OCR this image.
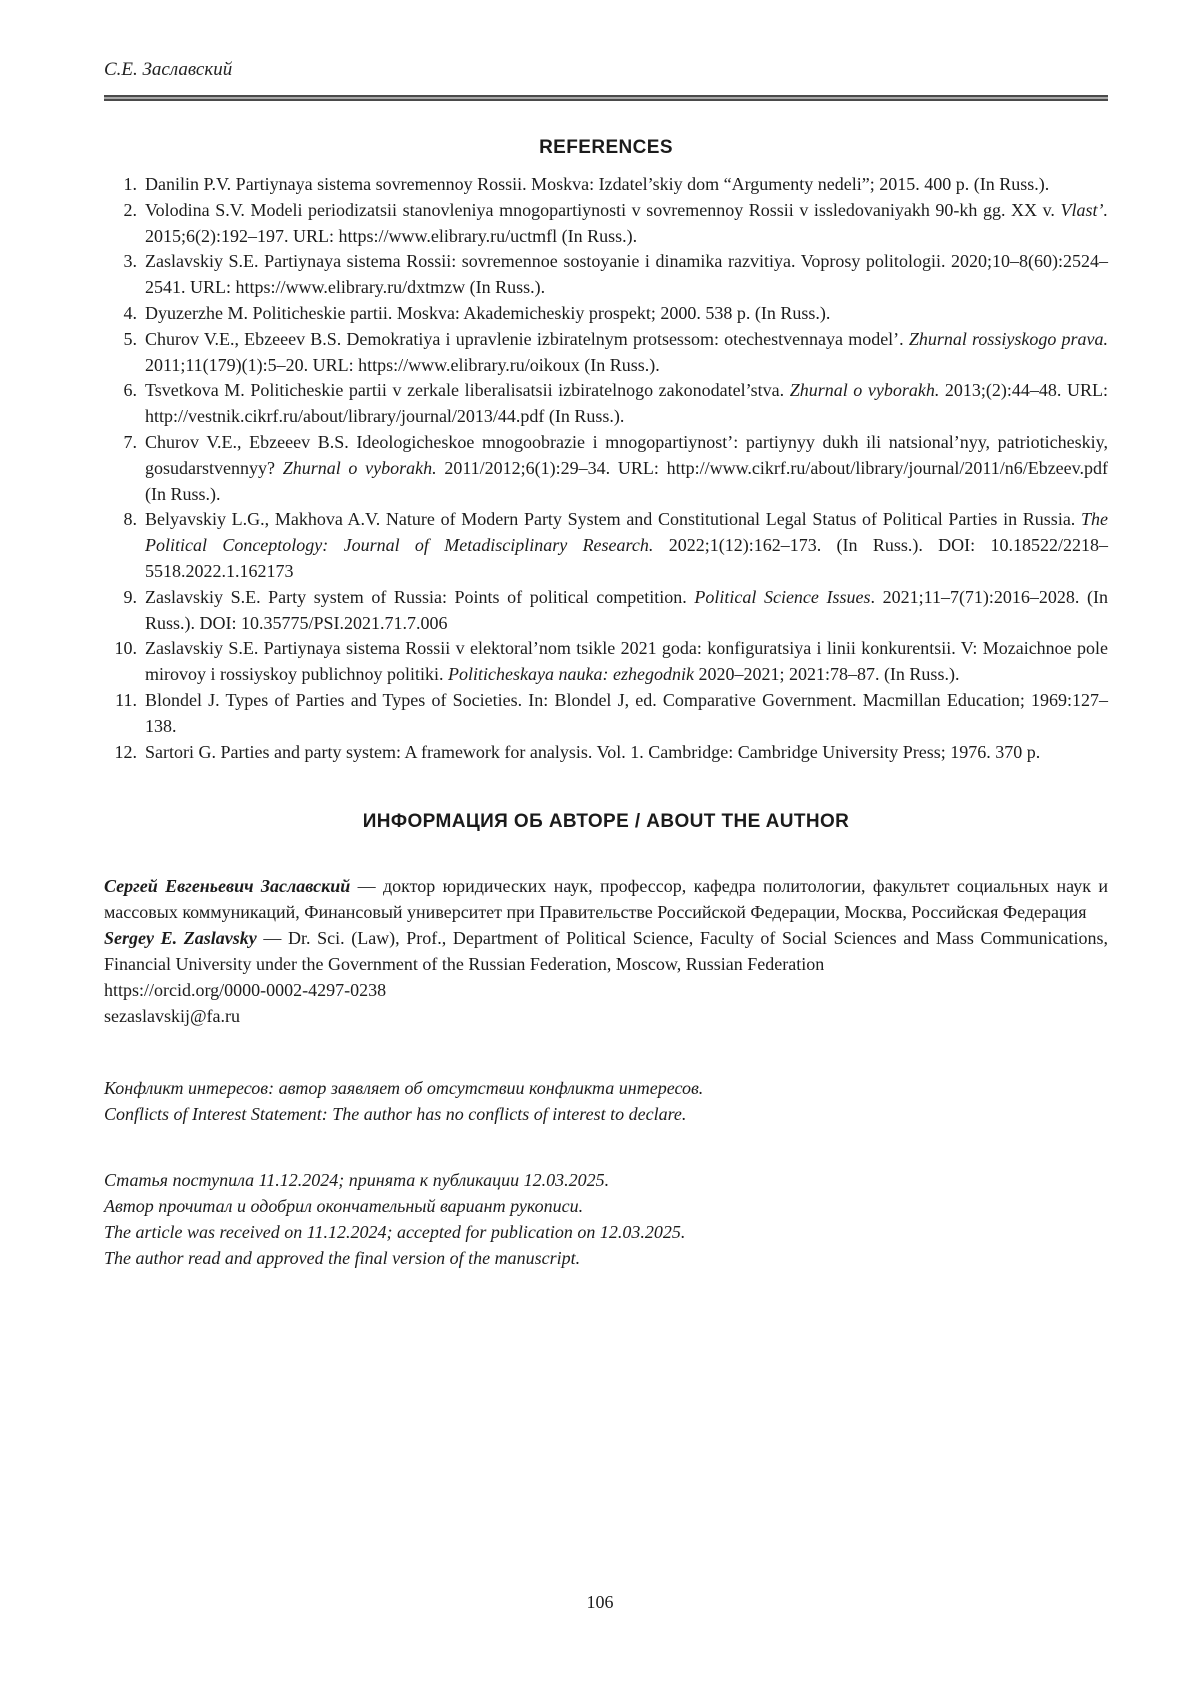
С.Е. Заславский
REFERENCES
1. Danilin P.V. Partiynaya sistema sovremennoy Rossii. Moskva: Izdatel’skiy dom “Argumenty nedeli”; 2015. 400 p. (In Russ.).
2. Volodina S.V. Modeli periodizatsii stanovleniya mnogopartiynosti v sovremennoy Rossii v issledovaniyakh 90-kh gg. XX v. Vlast’. 2015;6(2):192–197. URL: https://www.elibrary.ru/uctmfl (In Russ.).
3. Zaslavskiy S.E. Partiynaya sistema Rossii: sovremennoe sostoyanie i dinamika razvitiya. Voprosy politologii. 2020;10–8(60):2524–2541. URL: https://www.elibrary.ru/dxtmzw (In Russ.).
4. Dyuzerzhe M. Politicheskie partii. Moskva: Akademicheskiy prospekt; 2000. 538 p. (In Russ.).
5. Churov V.E., Ebzeeev B.S. Demokratiya i upravlenie izbiratelnym protsessom: otechestvennaya model’. Zhurnal rossiyskogo prava. 2011;11(179)(1):5–20. URL: https://www.elibrary.ru/oikoux (In Russ.).
6. Tsvetkova M. Politicheskie partii v zerkale liberalisatsii izbiratelnogo zakonodatel’stva. Zhurnal o vyborakh. 2013;(2):44–48. URL: http://vestnik.cikrf.ru/about/library/journal/2013/44.pdf (In Russ.).
7. Churov V.E., Ebzeeev B.S. Ideologicheskoe mnogoobrazie i mnogopartiynost’: partiynyy dukh ili natsional’nyy, patrioticheskiy, gosudarstvennyy? Zhurnal o vyborakh. 2011/2012;6(1):29–34. URL: http://www.cikrf.ru/about/library/journal/2011/n6/Ebzeev.pdf (In Russ.).
8. Belyavskiy L.G., Makhova A.V. Nature of Modern Party System and Constitutional Legal Status of Political Parties in Russia. The Political Conceptology: Journal of Metadisciplinary Research. 2022;1(12):162–173. (In Russ.). DOI: 10.18522/2218–5518.2022.1.162173
9. Zaslavskiy S.E. Party system of Russia: Points of political competition. Political Science Issues. 2021;11–7(71):2016–2028. (In Russ.). DOI: 10.35775/PSI.2021.71.7.006
10. Zaslavskiy S.E. Partiynaya sistema Rossii v elektoral’nom tsikle 2021 goda: konfiguratsiya i linii konkurentsii. V: Mozaichnoe pole mirovoy i rossiyskoy publichnoy politiki. Politicheskaya nauka: ezhegodnik 2020–2021; 2021:78–87. (In Russ.).
11. Blondel J. Types of Parties and Types of Societies. In: Blondel J, ed. Comparative Government. Macmillan Education; 1969:127–138.
12. Sartori G. Parties and party system: A framework for analysis. Vol. 1. Cambridge: Cambridge University Press; 1976. 370 p.
ИНФОРМАЦИЯ ОБ АВТОРЕ / ABOUT THE AUTHOR

Сергей Евгеньевич Заславский — доктор юридических наук, профессор, кафедра политологии, факультет социальных наук и массовых коммуникаций, Финансовый университет при Правительстве Российской Федерации, Москва, Российская Федерация

Sergey E. Zaslavsky — Dr. Sci. (Law), Prof., Department of Political Science, Faculty of Social Sciences and Mass Communications, Financial University under the Government of the Russian Federation, Moscow, Russian Federation

https://orcid.org/0000-0002-4297-0238

sezaslavskij@fa.ru

Конфликт интересов: автор заявляет об отсутствии конфликта интересов.

Conflicts of Interest Statement: The author has no conflicts of interest to declare.

Статья поступила 11.12.2024; принята к публикации 12.03.2025.

Автор прочитал и одобрил окончательный вариант рукописи.

The article was received on 11.12.2024; accepted for publication on 12.03.2025.

The author read and approved the final version of the manuscript.

106
